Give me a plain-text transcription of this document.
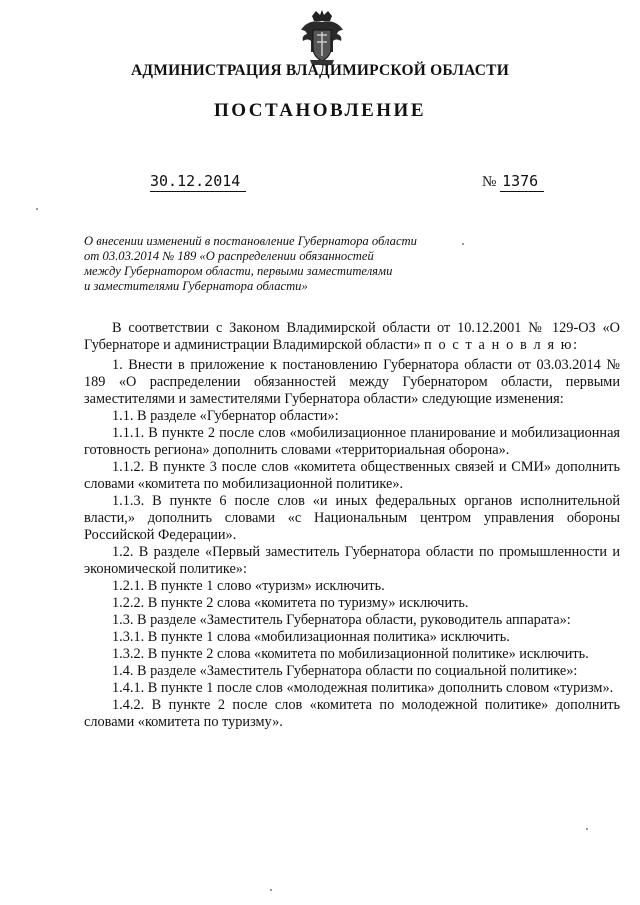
АДМИНИСТРАЦИЯ ВЛАДИМИРСКОЙ ОБЛАСТИ
ПОСТАНОВЛЕНИЕ
30.12.2014	№ 1376
О внесении изменений в постановление Губернатора области
от 03.03.2014 № 189 «О распределении обязанностей
между Губернатором области, первыми заместителями
и заместителями Губернатора области»

В соответствии с Законом Владимирской области от 10.12.2001 № 129-ОЗ «О Губернаторе и администрации Владимирской области» п о с т а н о в л я ю:

1. Внести в приложение к постановлению Губернатора области от 03.03.2014 № 189 «О распределении обязанностей между Губернатором области, первыми заместителями и заместителями Губернатора области» следующие изменения:

1.1. В разделе «Губернатор области»:

1.1.1. В пункте 2 после слов «мобилизационное планирование и мобилизационная готовность региона» дополнить словами «территориальная оборона».

1.1.2. В пункте 3 после слов «комитета общественных связей и СМИ» дополнить словами «комитета по мобилизационной политике».

1.1.3. В пункте 6 после слов «и иных федеральных органов исполнительной власти,» дополнить словами «с Национальным центром управления обороны Российской Федерации».

1.2. В разделе «Первый заместитель Губернатора области по промышленности и экономической политике»:

1.2.1. В пункте 1 слово «туризм» исключить.

1.2.2. В пункте 2 слова «комитета по туризму» исключить.

1.3. В разделе «Заместитель Губернатора области, руководитель аппарата»:

1.3.1. В пункте 1 слова «мобилизационная политика» исключить.

1.3.2. В пункте 2 слова «комитета по мобилизационной политике» исключить.

1.4. В разделе «Заместитель Губернатора области по социальной политике»:

1.4.1. В пункте 1 после слов «молодежная политика» дополнить словом «туризм».

1.4.2. В пункте 2 после слов «комитета по молодежной политике» дополнить словами «комитета по туризму».
